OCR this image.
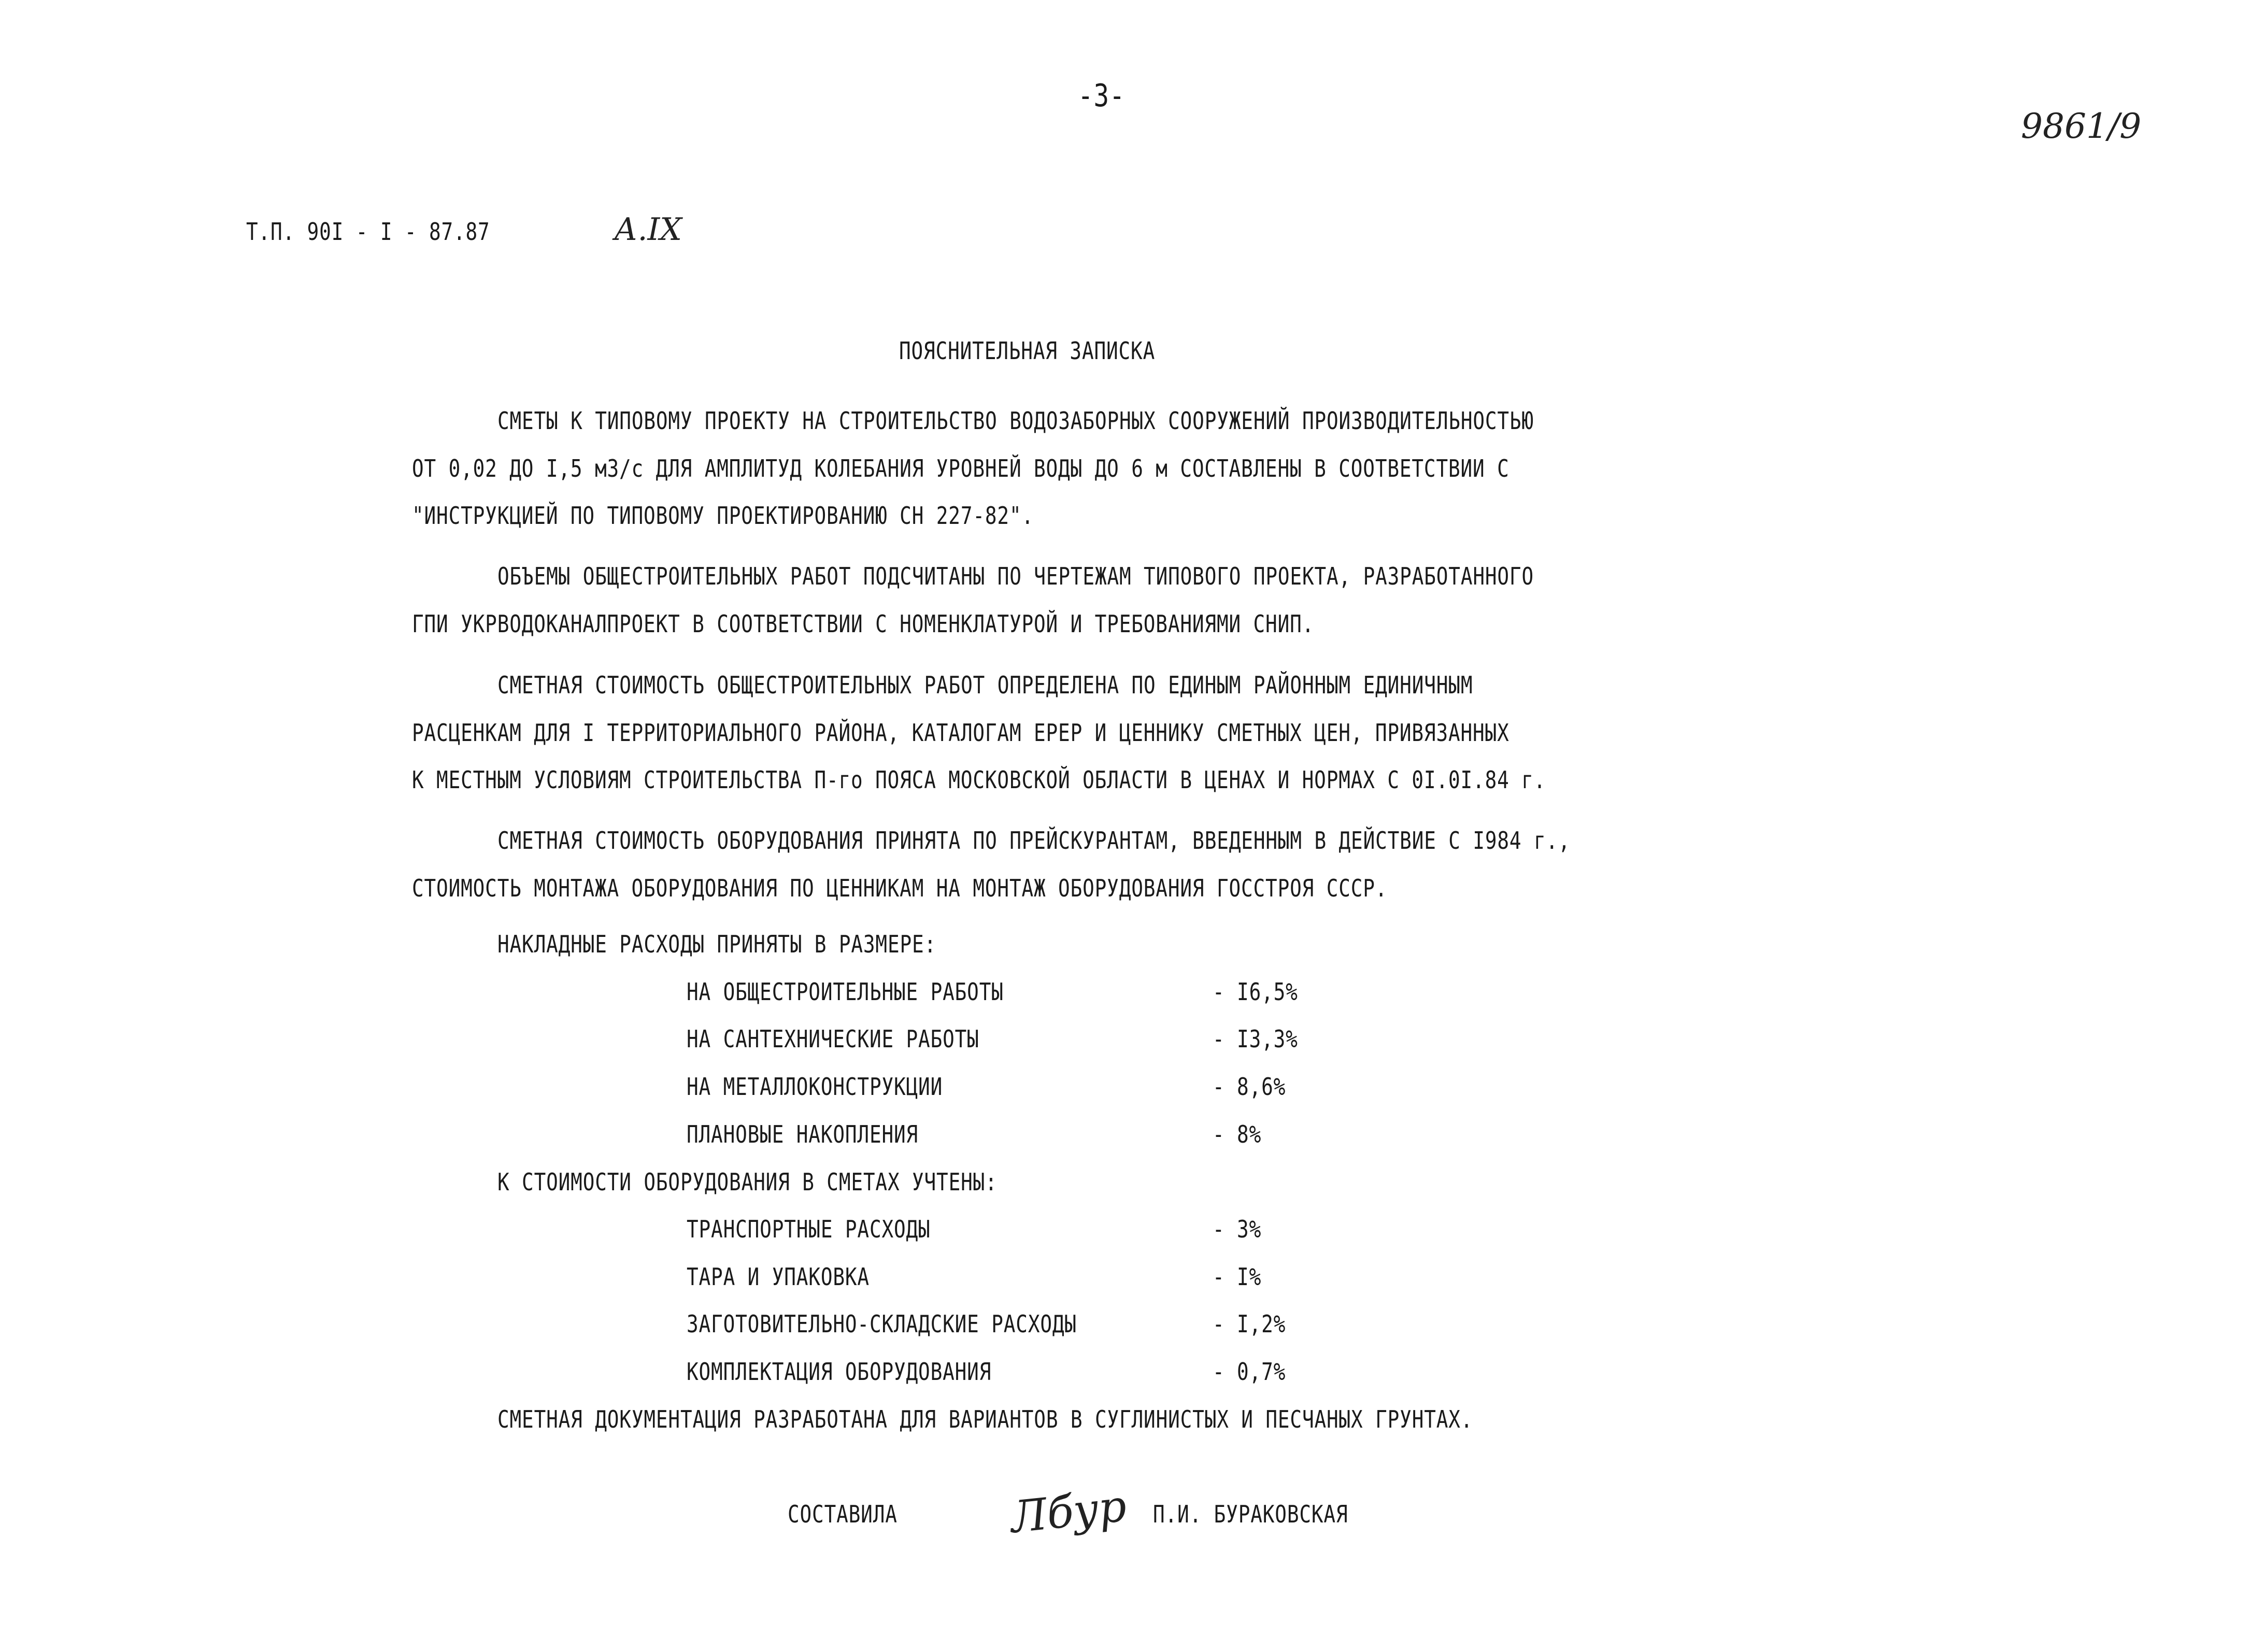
-3-
9861/9
Т.П. 90I - I - 87.87	А.IX
ПОЯСНИТЕЛЬНАЯ ЗАПИСКА
СМЕТЫ К ТИПОВОМУ ПРОЕКТУ НА СТРОИТЕЛЬСТВО ВОДОЗАБОРНЫХ СООРУЖЕНИЙ ПРОИЗВОДИТЕЛЬНОСТЬЮ
ОТ 0,02 ДО I,5 м3/с ДЛЯ АМПЛИТУД КОЛЕБАНИЯ УРОВНЕЙ ВОДЫ ДО 6 м СОСТАВЛЕНЫ В СООТВЕТСТВИИ С
"ИНСТРУКЦИЕЙ ПО ТИПОВОМУ ПРОЕКТИРОВАНИЮ СН 227-82".
ОБЪЕМЫ ОБЩЕСТРОИТЕЛЬНЫХ РАБОТ ПОДСЧИТАНЫ ПО ЧЕРТЕЖАМ ТИПОВОГО ПРОЕКТА, РАЗРАБОТАННОГО
ГПИ УКРВОДОКАНАЛПРОЕКТ В СООТВЕТСТВИИ С НОМЕНКЛАТУРОЙ И ТРЕБОВАНИЯМИ СНИП.
СМЕТНАЯ СТОИМОСТЬ ОБЩЕСТРОИТЕЛЬНЫХ РАБОТ ОПРЕДЕЛЕНА ПО ЕДИНЫМ РАЙОННЫМ ЕДИНИЧНЫМ
РАСЦЕНКАМ ДЛЯ I ТЕРРИТОРИАЛЬНОГО РАЙОНА, КАТАЛОГАМ ЕРЕР И ЦЕННИКУ СМЕТНЫХ ЦЕН, ПРИВЯЗАННЫХ
К МЕСТНЫМ УСЛОВИЯМ СТРОИТЕЛЬСТВА П-го ПОЯСА МОСКОВСКОЙ ОБЛАСТИ В ЦЕНАХ И НОРМАХ С 0I.0I.84 г.
СМЕТНАЯ СТОИМОСТЬ ОБОРУДОВАНИЯ ПРИНЯТА ПО ПРЕЙСКУРАНТАМ, ВВЕДЕННЫМ В ДЕЙСТВИЕ С I984 г.,
СТОИМОСТЬ МОНТАЖА ОБОРУДОВАНИЯ ПО ЦЕННИКАМ НА МОНТАЖ ОБОРУДОВАНИЯ ГОССТРОЯ СССР.
НАКЛАДНЫЕ РАСХОДЫ ПРИНЯТЫ В РАЗМЕРЕ:
НА ОБЩЕСТРОИТЕЛЬНЫЕ РАБОТЫ	- I6,5%
НА САНТЕХНИЧЕСКИЕ РАБОТЫ	- I3,3%
НА МЕТАЛЛОКОНСТРУКЦИИ	- 8,6%
ПЛАНОВЫЕ НАКОПЛЕНИЯ	- 8%
К СТОИМОСТИ ОБОРУДОВАНИЯ В СМЕТАХ УЧТЕНЫ:
ТРАНСПОРТНЫЕ РАСХОДЫ	- 3%
ТАРА И УПАКОВКА	- I%
ЗАГОТОВИТЕЛЬНО-СКЛАДСКИЕ РАСХОДЫ	- I,2%
КОМПЛЕКТАЦИЯ ОБОРУДОВАНИЯ	- 0,7%
СМЕТНАЯ ДОКУМЕНТАЦИЯ РАЗРАБОТАНА ДЛЯ ВАРИАНТОВ В СУГЛИНИСТЫХ И ПЕСЧАНЫХ ГРУНТАХ.
СОСТАВИЛА	Лбур П.И. БУРАКОВСКАЯ
